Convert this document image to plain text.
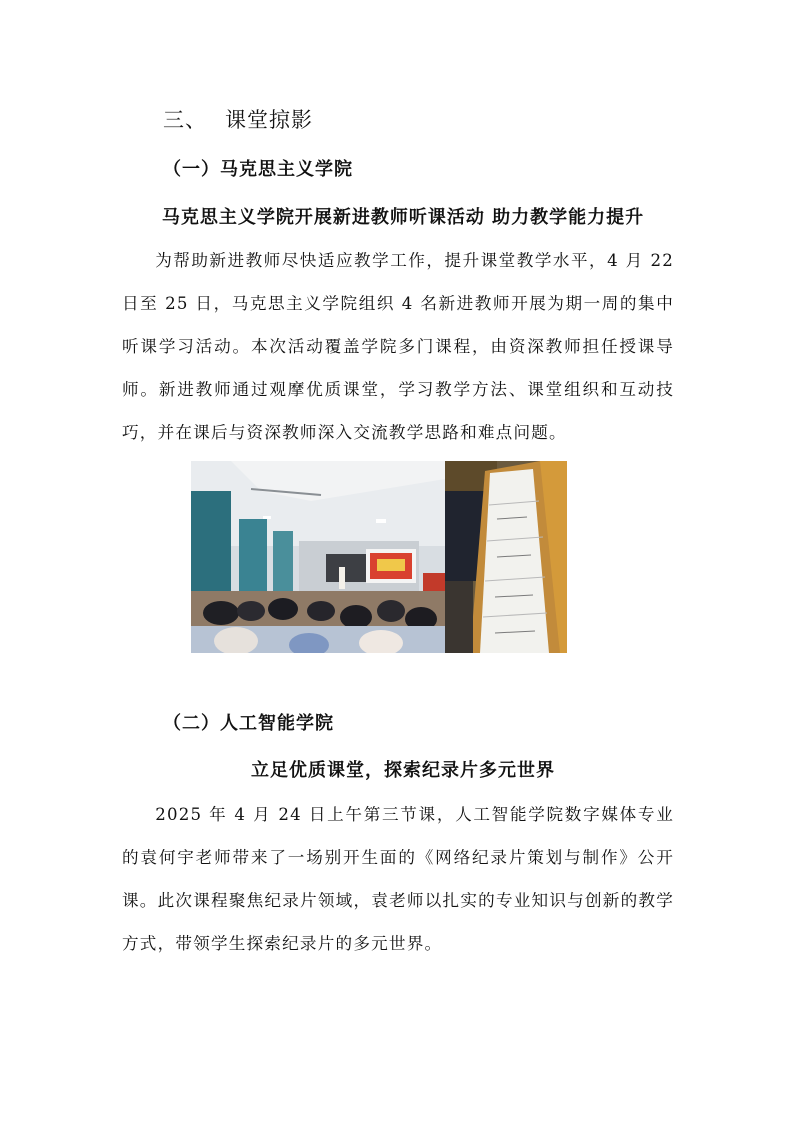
三、 课堂掠影
（一）马克思主义学院
马克思主义学院开展新进教师听课活动 助力教学能力提升
为帮助新进教师尽快适应教学工作，提升课堂教学水平，4 月 22 日至 25 日，马克思主义学院组织 4 名新进教师开展为期一周的集中听课学习活动。本次活动覆盖学院多门课程，由资深教师担任授课导师。新进教师通过观摩优质课堂，学习教学方法、课堂组织和互动技巧，并在课后与资深教师深入交流教学思路和难点问题。
（二）人工智能学院
立足优质课堂，探索纪录片多元世界
2025 年 4 月 24 日上午第三节课，人工智能学院数字媒体专业的袁何宇老师带来了一场别开生面的《网络纪录片策划与制作》公开课。此次课程聚焦纪录片领域，袁老师以扎实的专业知识与创新的教学方式，带领学生探索纪录片的多元世界。
